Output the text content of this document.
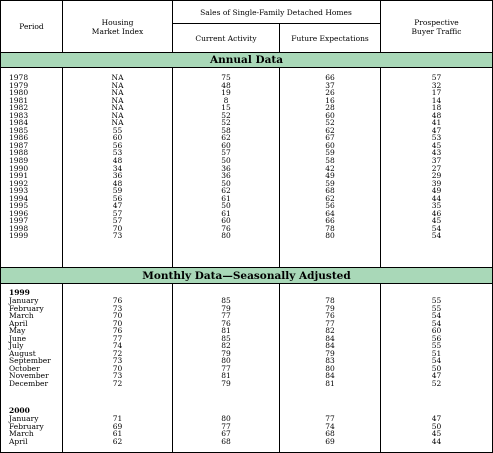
Period	Housing
Market Index
Sales of Single-Family Detached Homes
Current Activity	Future Expectations
Prospective
Buyer Traffic
Annual Data
1978
1979
1980
1981
1982
1983
1984
1985
1986
1987
1988
1989
1990
1991
1992
1993
1994
1995
1996
1997
1998
1999
NA
NA
NA
NA
NA
NA
NA
55
60
56
53
48
34
36
48
59
56
47
57
57
70
73
75
48
19
8
15
52
52
58
62
60
57
50
36
36
50
62
61
50
61
60
76
80
66
37
26
16
28
60
52
62
67
60
59
58
42
49
59
68
62
56
64
66
78
80
57
32
17
14
18
48
41
47
53
45
43
37
27
29
39
49
44
35
46
45
54
54
Monthly Data—Seasonally Adjusted
1999
January
February
March
April
May
June
July
August
September
October
November
December
76
73
70
70
76
77
74
72
73
70
73
72
85
79
77
76
81
85
82
79
80
77
81
79
78
79
76
77
82
84
84
79
83
80
84
81
55
55
54
54
60
56
55
51
54
50
47
52
2000
January
February
March
April
71
69
61
62
80
77
67
68
77
74
68
69
47
50
45
44
